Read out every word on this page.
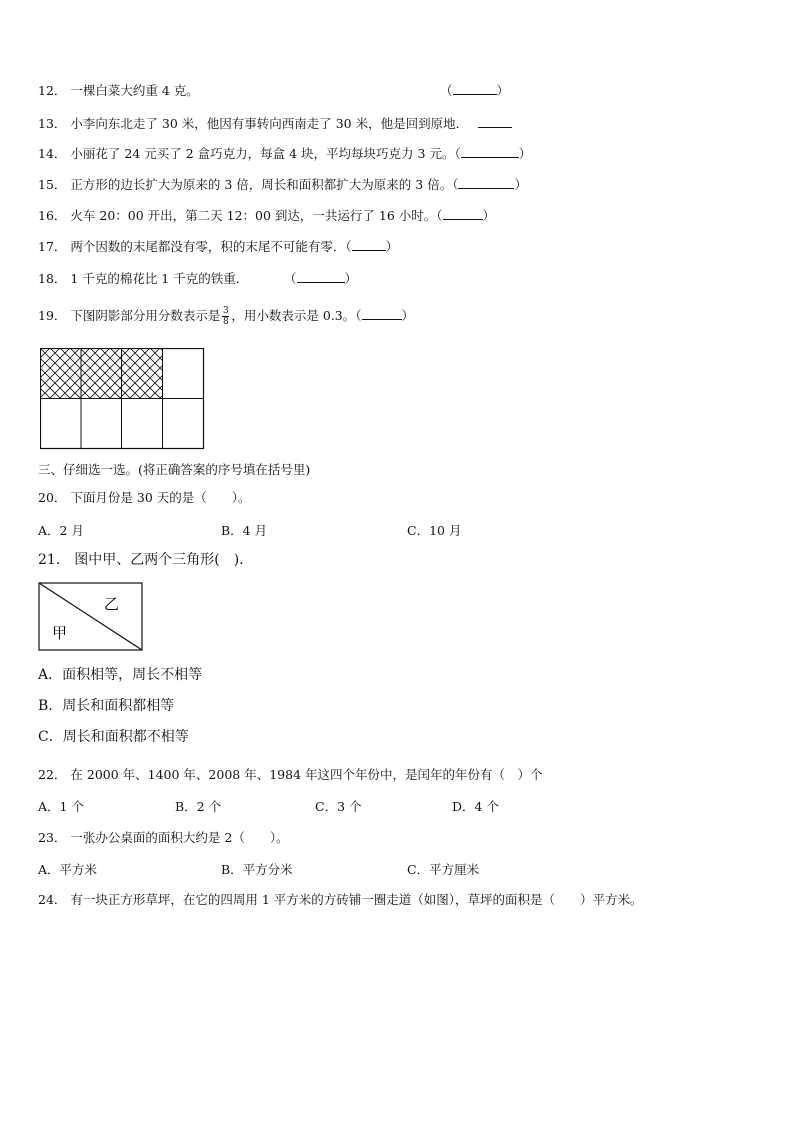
12． 一棵白菜大约重 4 克。	（	）
13． 小李向东北走了 30 米，他因有事转向西南走了 30 米，他是回到原地．
14． 小丽花了 24 元买了 2 盒巧克力，每盒 4 块，平均每块巧克力 3 元。（	）
15． 正方形的边长扩大为原来的 3 倍，周长和面积都扩大为原来的 3 倍。（	）
16． 火车 20：00 开出，第二天 12：00 到达，一共运行了 16 小时。（	）
17． 两个因数的末尾都没有零，积的末尾不可能有零．（	）
18． 1 千克的棉花比 1 千克的铁重．	（	）
19． 下图阴影部分用分数表示是 $\frac{3}{8}$ ，用小数表示是 0.3。（	）
三、仔细选一选。(将正确答案的序号填在括号里)
20． 下面月份是 30 天的是（　　）。
A．2 月	B．4 月	C．10 月
21． 图中甲、乙两个三角形(　)．
乙
甲
A．面积相等，周长不相等
B．周长和面积都相等
C．周长和面积都不相等
22． 在 2000 年、1400 年、2008 年、1984 年这四个年份中，是闰年的年份有（　）个
A．1 个	B．2 个	C．3 个	D．4 个
23． 一张办公桌面的面积大约是 2（　　）。
A．平方米	B．平方分米	C．平方厘米
24． 有一块正方形草坪，在它的四周用 1 平方米的方砖铺一圈走道（如图），草坪的面积是（　　）平方米。
